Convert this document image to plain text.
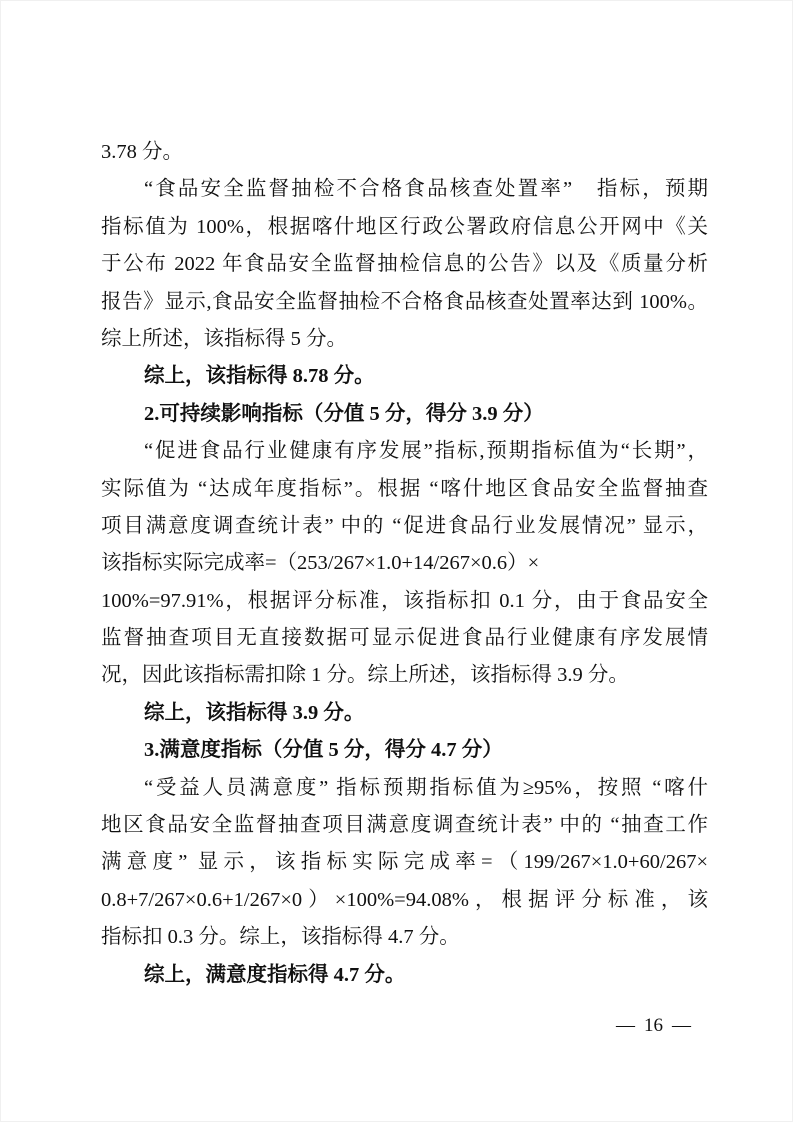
3.78 分。
“食品安全监督抽检不合格食品核查处置率”　指标，预期
指标值为 100%，根据喀什地区行政公署政府信息公开网中《关
于公布 2022 年食品安全监督抽检信息的公告》以及《质量分析
报告》显示,食品安全监督抽检不合格食品核查处置率达到 100%。
综上所述，该指标得 5 分。
综上，该指标得 8.78 分。
2.可持续影响指标（分值 5 分，得分 3.9 分）
“促进食品行业健康有序发展”指标,预期指标值为“长期”，
实际值为 “达成年度指标”。根据 “喀什地区食品安全监督抽查
项目满意度调查统计表” 中的 “促进食品行业发展情况” 显示，
该指标实际完成率=（253/267×1.0+14/267×0.6）×
100%=97.91%，根据评分标准，该指标扣 0.1 分，由于食品安全
监督抽查项目无直接数据可显示促进食品行业健康有序发展情
况，因此该指标需扣除 1 分。综上所述，该指标得 3.9 分。
综上，该指标得 3.9 分。
3.满意度指标（分值 5 分，得分 4.7 分）
“受益人员满意度” 指标预期指标值为≥95%，按照 “喀什
地区食品安全监督抽查项目满意度调查统计表” 中的 “抽查工作
满意度” 显示，该指标实际完成率=（199/267×1.0+60/267×
0.8+7/267×0.6+1/267×0）×100%=94.08%，根据评分标准，该
指标扣 0.3 分。综上，该指标得 4.7 分。
综上，满意度指标得 4.7 分。
— 16 —
